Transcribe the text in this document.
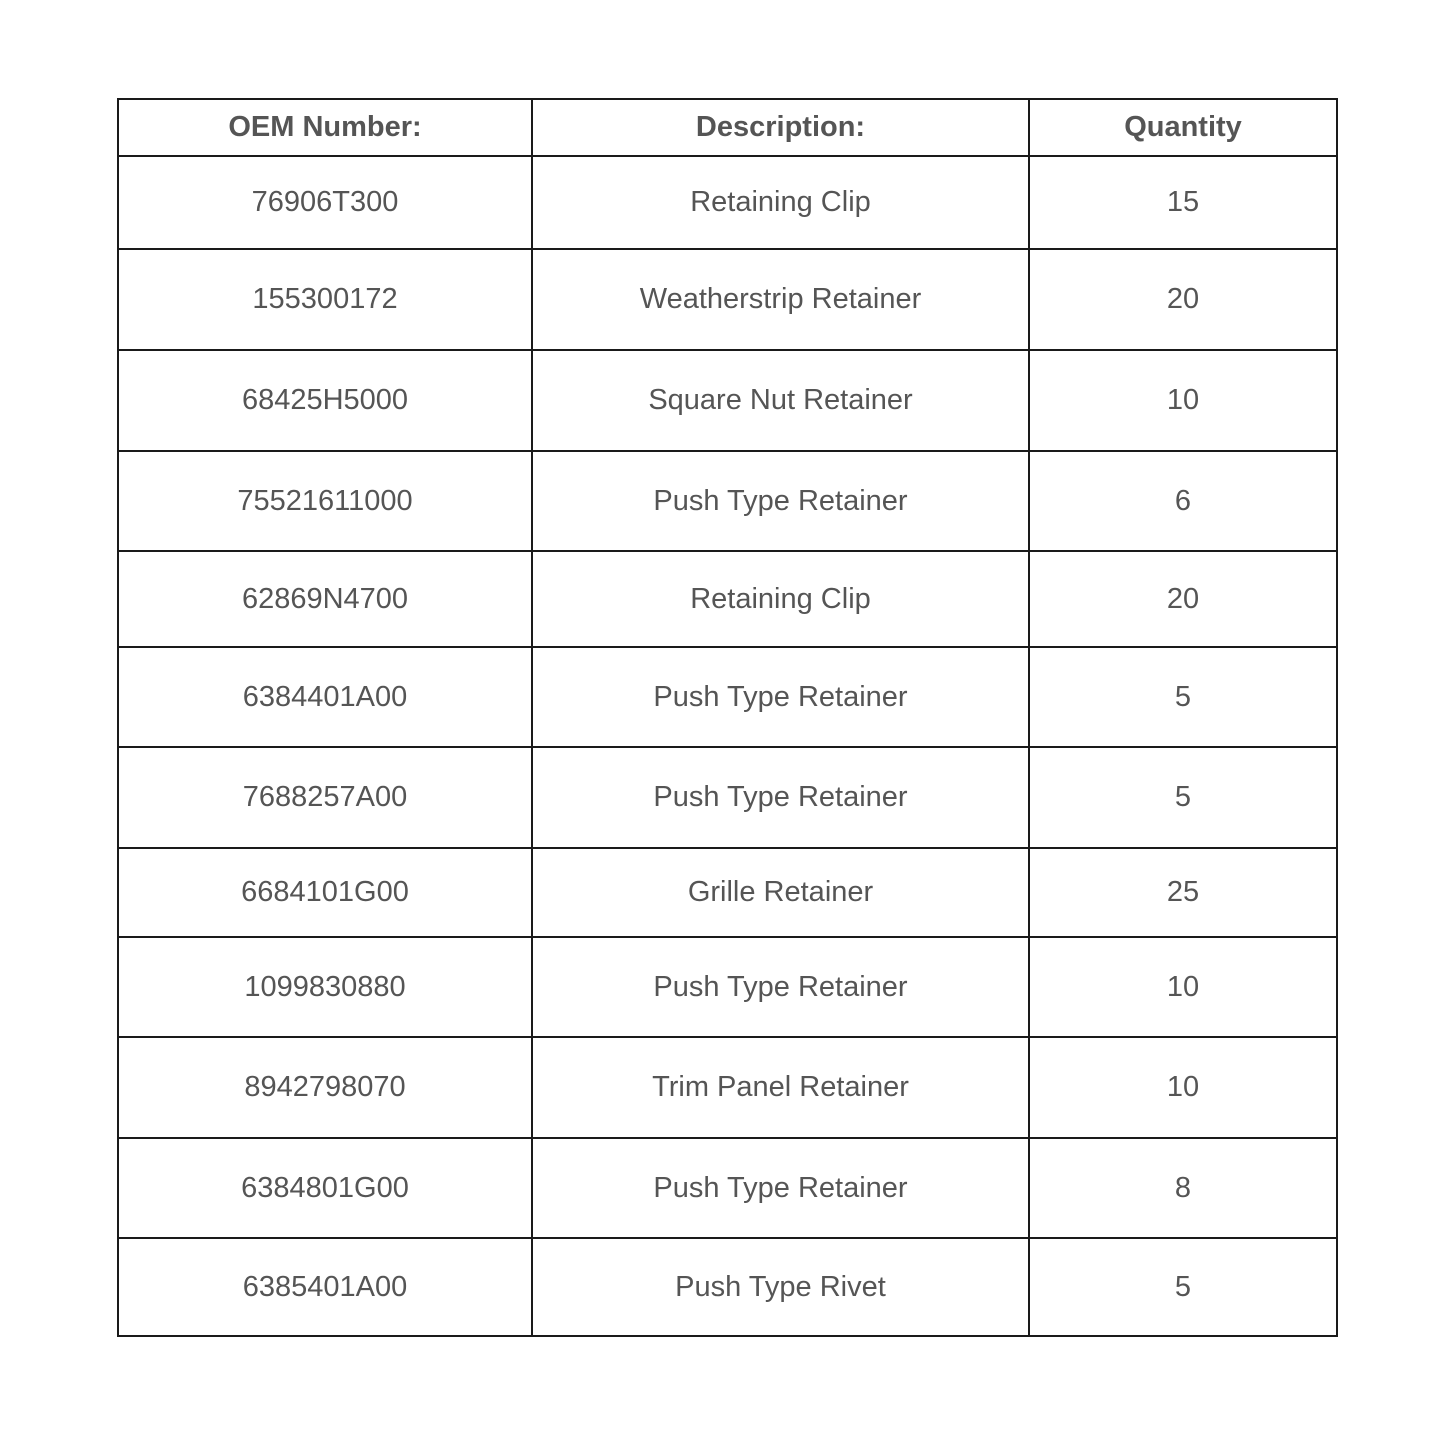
OEM Number:	Description:	Quantity
76906T300	Retaining Clip	15
155300172	Weatherstrip Retainer	20
68425H5000	Square Nut Retainer	10
75521611000	Push Type Retainer	6
62869N4700	Retaining Clip	20
6384401A00	Push Type Retainer	5
7688257A00	Push Type Retainer	5
6684101G00	Grille Retainer	25
1099830880	Push Type Retainer	10
8942798070	Trim Panel Retainer	10
6384801G00	Push Type Retainer	8
6385401A00	Push Type Rivet	5
